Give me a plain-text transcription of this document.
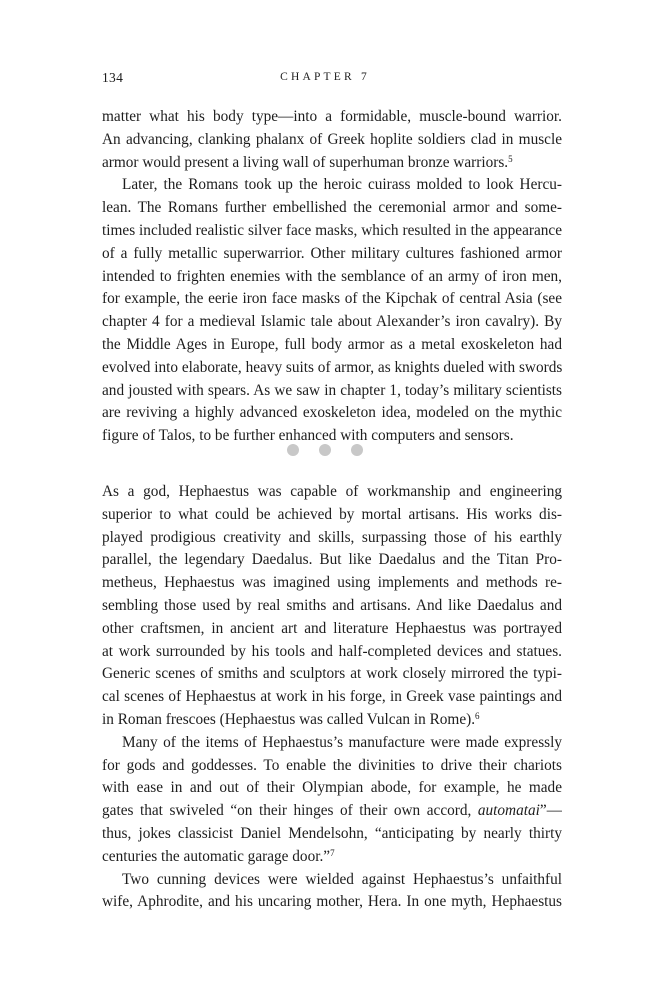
134	CHAPTER 7
matter what his body type—into a formidable, muscle-bound warrior.
An advancing, clanking phalanx of Greek hoplite soldiers clad in muscle
armor would present a living wall of superhuman bronze warriors.$^5$
Later, the Romans took up the heroic cuirass molded to look Hercu-
lean. The Romans further embellished the ceremonial armor and some-
times included realistic silver face masks, which resulted in the appearance
of a fully metallic superwarrior. Other military cultures fashioned armor
intended to frighten enemies with the semblance of an army of iron men,
for example, the eerie iron face masks of the Kipchak of central Asia (see
chapter 4 for a medieval Islamic tale about Alexander’s iron cavalry). By
the Middle Ages in Europe, full body armor as a metal exoskeleton had
evolved into elaborate, heavy suits of armor, as knights dueled with swords
and jousted with spears. As we saw in chapter 1, today’s military scientists
are reviving a highly advanced exoskeleton idea, modeled on the mythic
figure of Talos, to be further enhanced with computers and sensors.
As a god, Hephaestus was capable of workmanship and engineering
superior to what could be achieved by mortal artisans. His works dis-
played prodigious creativity and skills, surpassing those of his earthly
parallel, the legendary Daedalus. But like Daedalus and the Titan Pro-
metheus, Hephaestus was imagined using implements and methods re-
sembling those used by real smiths and artisans. And like Daedalus and
other craftsmen, in ancient art and literature Hephaestus was portrayed
at work surrounded by his tools and half-completed devices and statues.
Generic scenes of smiths and sculptors at work closely mirrored the typi-
cal scenes of Hephaestus at work in his forge, in Greek vase paintings and
in Roman frescoes (Hephaestus was called Vulcan in Rome).$^6$
Many of the items of Hephaestus’s manufacture were made expressly
for gods and goddesses. To enable the divinities to drive their chariots
with ease in and out of their Olympian abode, for example, he made
gates that swiveled “on their hinges of their own accord, automatai”—
thus, jokes classicist Daniel Mendelsohn, “anticipating by nearly thirty
centuries the automatic garage door.”$^7$
Two cunning devices were wielded against Hephaestus’s unfaithful
wife, Aphrodite, and his uncaring mother, Hera. In one myth, Hephaestus
